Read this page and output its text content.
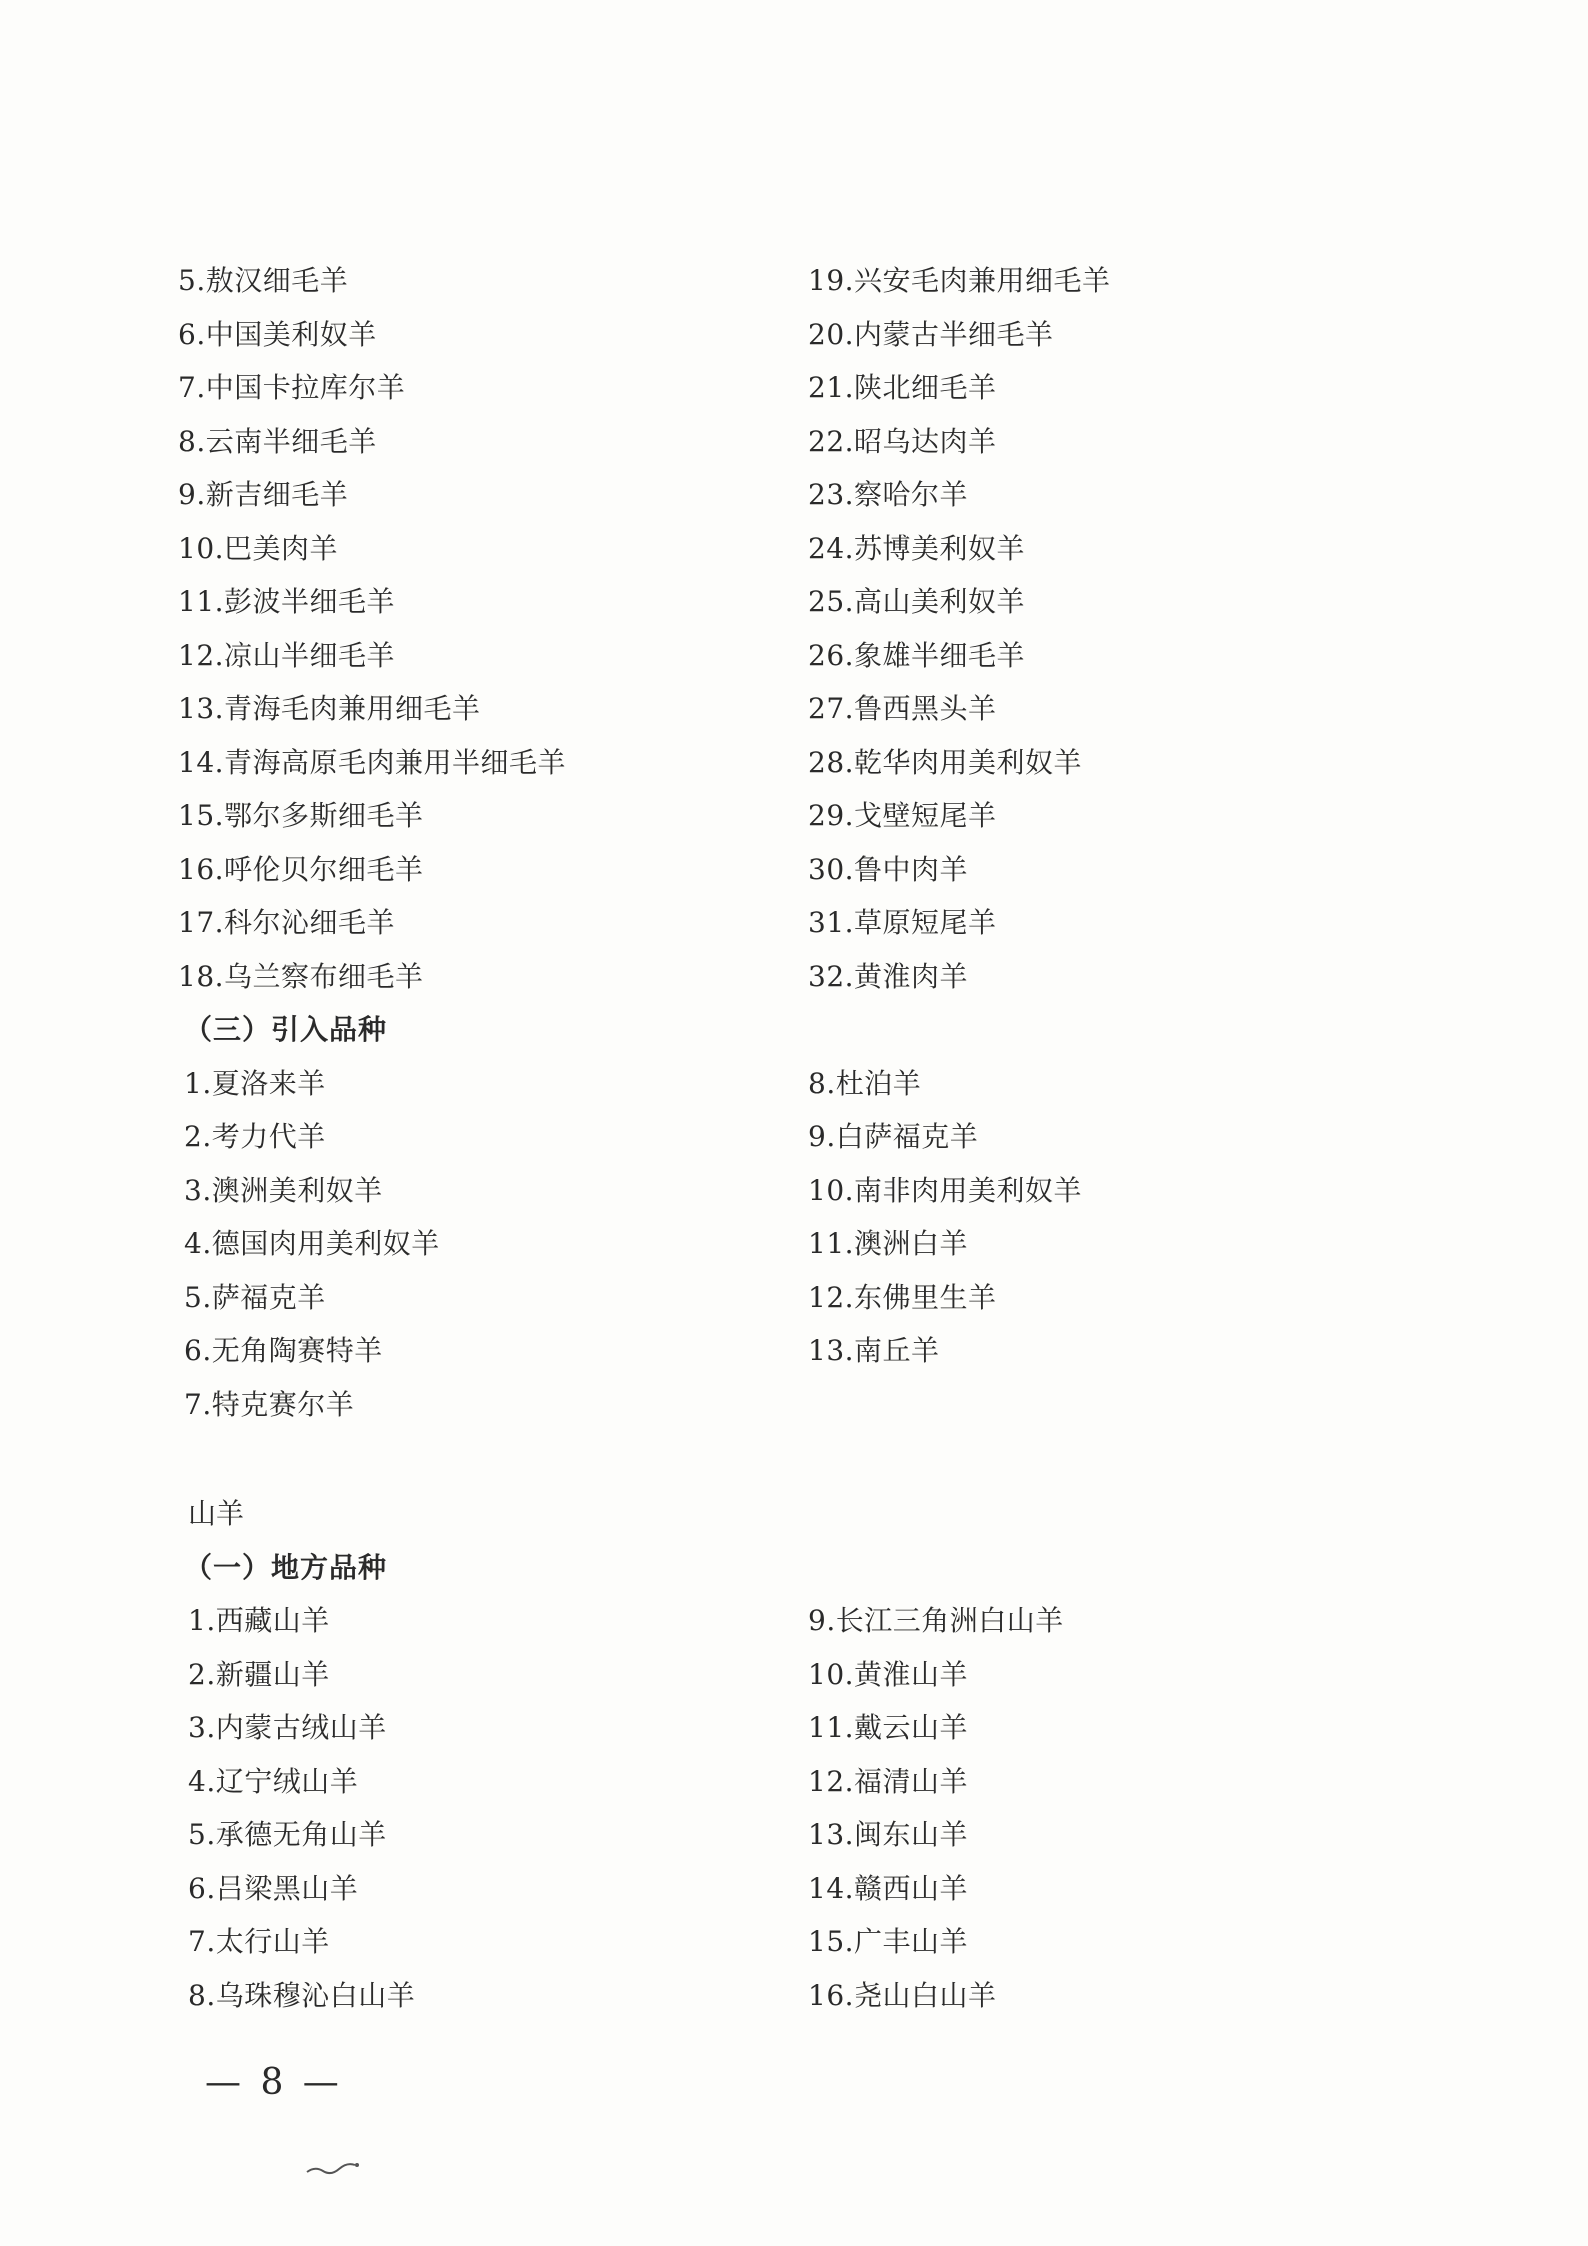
5.敖汉细毛羊	19.兴安毛肉兼用细毛羊
6.中国美利奴羊	20.内蒙古半细毛羊
7.中国卡拉库尔羊	21.陕北细毛羊
8.云南半细毛羊	22.昭乌达肉羊
9.新吉细毛羊	23.察哈尔羊
10.巴美肉羊	24.苏博美利奴羊
11.彭波半细毛羊	25.高山美利奴羊
12.凉山半细毛羊	26.象雄半细毛羊
13.青海毛肉兼用细毛羊	27.鲁西黑头羊
14.青海高原毛肉兼用半细毛羊	28.乾华肉用美利奴羊
15.鄂尔多斯细毛羊	29.戈壁短尾羊
16.呼伦贝尔细毛羊	30.鲁中肉羊
17.科尔沁细毛羊	31.草原短尾羊
18.乌兰察布细毛羊	32.黄淮肉羊
（三）引入品种
1.夏洛来羊	8.杜泊羊
2.考力代羊	9.白萨福克羊
3.澳洲美利奴羊	10.南非肉用美利奴羊
4.德国肉用美利奴羊	11.澳洲白羊
5.萨福克羊	12.东佛里生羊
6.无角陶赛特羊	13.南丘羊
7.特克赛尔羊
山羊
（一）地方品种
1.西藏山羊	9.长江三角洲白山羊
2.新疆山羊	10.黄淮山羊
3.内蒙古绒山羊	11.戴云山羊
4.辽宁绒山羊	12.福清山羊
5.承德无角山羊	13.闽东山羊
6.吕梁黑山羊	14.赣西山羊
7.太行山羊	15.广丰山羊
8.乌珠穆沁白山羊	16.尧山白山羊
— 8 —
